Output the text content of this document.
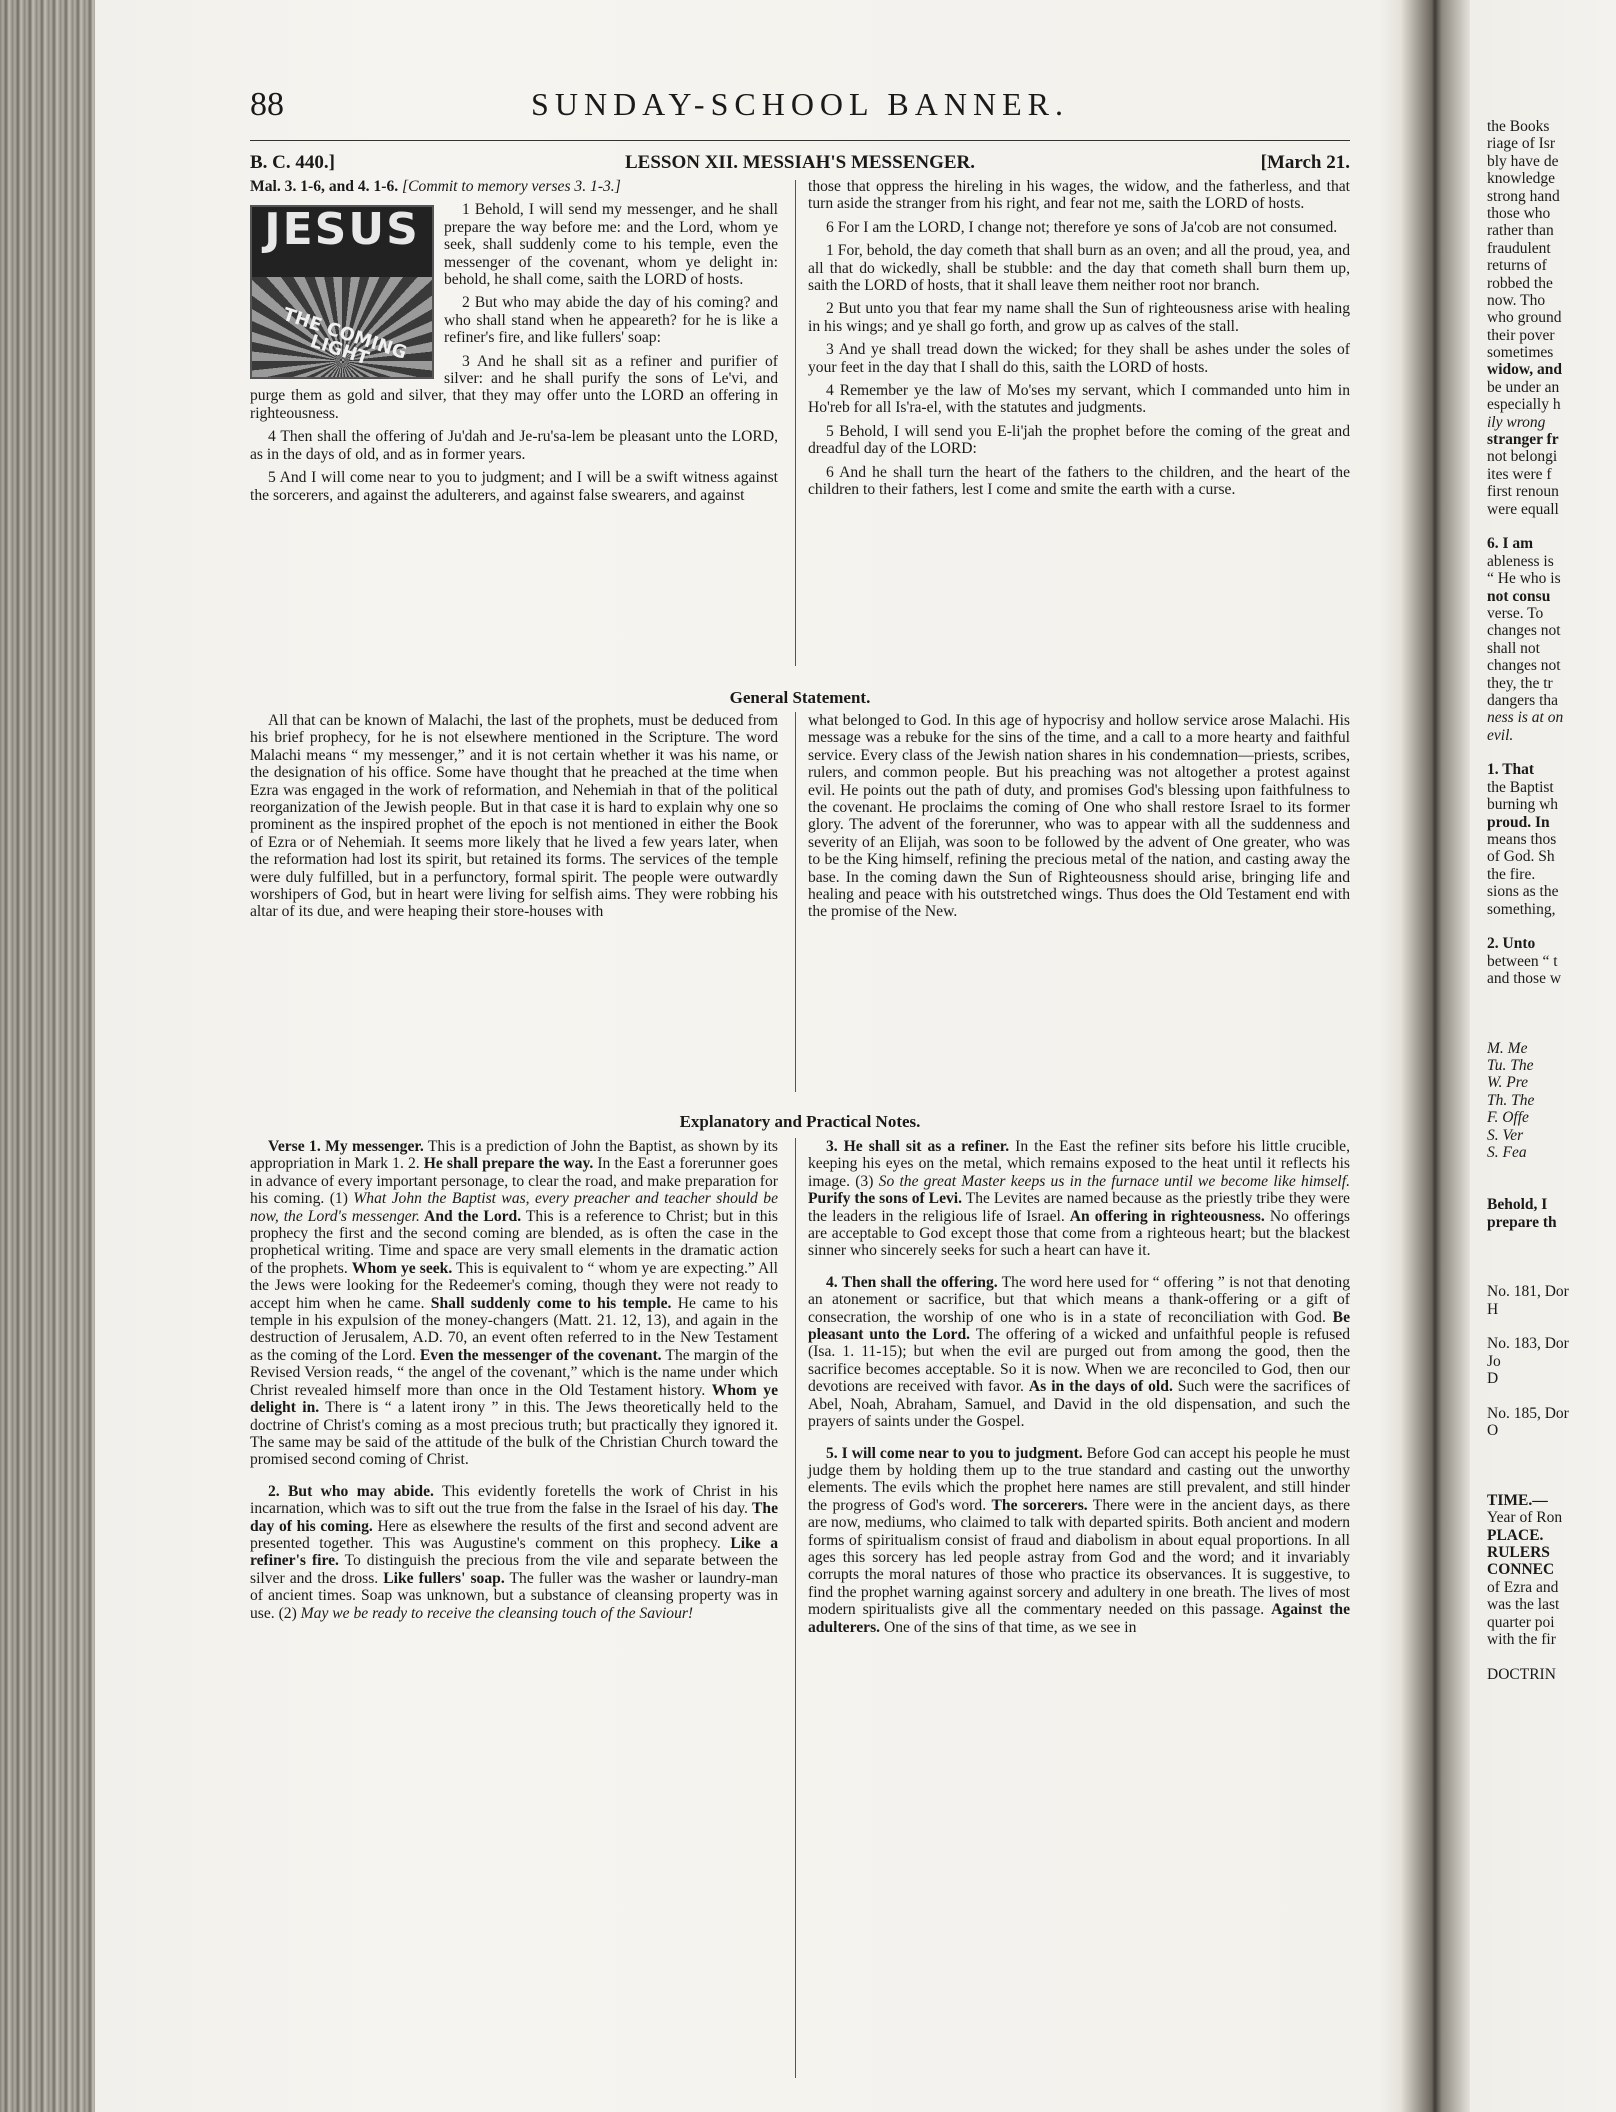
88	SUNDAY-SCHOOL BANNER.
B. C. 440.]	LESSON XII. MESSIAH'S MESSENGER.	[March 21.

Mal. 3. 1-6, and 4. 1-6. [Commit to memory verses 3. 1-3.]

JESUS
THE COMING LIGHT

1 Behold, I will send my messenger, and he shall prepare the way before me: and the Lord, whom ye seek, shall suddenly come to his temple, even the messenger of the covenant, whom ye delight in: behold, he shall come, saith the LORD of hosts.

2 But who may abide the day of his coming? and who shall stand when he appeareth? for he is like a refiner's fire, and like fullers' soap:

3 And he shall sit as a refiner and purifier of silver: and he shall purify the sons of Le'vi, and purge them as gold and silver, that they may offer unto the LORD an offering in righteousness.

4 Then shall the offering of Ju'dah and Je-ru'sa-lem be pleasant unto the LORD, as in the days of old, and as in former years.

5 And I will come near to you to judgment; and I will be a swift witness against the sorcerers, and against the adulterers, and against false swearers, and against

those that oppress the hireling in his wages, the widow, and the fatherless, and that turn aside the stranger from his right, and fear not me, saith the LORD of hosts.

6 For I am the LORD, I change not; therefore ye sons of Ja'cob are not consumed.

1 For, behold, the day cometh that shall burn as an oven; and all the proud, yea, and all that do wickedly, shall be stubble: and the day that cometh shall burn them up, saith the LORD of hosts, that it shall leave them neither root nor branch.

2 But unto you that fear my name shall the Sun of righteousness arise with healing in his wings; and ye shall go forth, and grow up as calves of the stall.

3 And ye shall tread down the wicked; for they shall be ashes under the soles of your feet in the day that I shall do this, saith the LORD of hosts.

4 Remember ye the law of Mo'ses my servant, which I commanded unto him in Ho'reb for all Is'ra-el, with the statutes and judgments.

5 Behold, I will send you E-li'jah the prophet before the coming of the great and dreadful day of the LORD:

6 And he shall turn the heart of the fathers to the children, and the heart of the children to their fathers, lest I come and smite the earth with a curse.

General Statement.

All that can be known of Malachi, the last of the prophets, must be deduced from his brief prophecy, for he is not elsewhere mentioned in the Scripture. The word Malachi means “ my messenger,” and it is not certain whether it was his name, or the designation of his office. Some have thought that he preached at the time when Ezra was engaged in the work of reformation, and Nehemiah in that of the political reorganization of the Jewish people. But in that case it is hard to explain why one so prominent as the inspired prophet of the epoch is not mentioned in either the Book of Ezra or of Nehemiah. It seems more likely that he lived a few years later, when the reformation had lost its spirit, but retained its forms. The services of the temple were duly fulfilled, but in a perfunctory, formal spirit. The people were outwardly worshipers of God, but in heart were living for selfish aims. They were robbing his altar of its due, and were heaping their store-houses with

what belonged to God. In this age of hypocrisy and hollow service arose Malachi. His message was a rebuke for the sins of the time, and a call to a more hearty and faithful service. Every class of the Jewish nation shares in his condemnation—priests, scribes, rulers, and common people. But his preaching was not altogether a protest against evil. He points out the path of duty, and promises God's blessing upon faithfulness to the covenant. He proclaims the coming of One who shall restore Israel to its former glory. The advent of the forerunner, who was to appear with all the suddenness and severity of an Elijah, was soon to be followed by the advent of One greater, who was to be the King himself, refining the precious metal of the nation, and casting away the base. In the coming dawn the Sun of Righteousness should arise, bringing life and healing and peace with his outstretched wings. Thus does the Old Testament end with the promise of the New.

Explanatory and Practical Notes.

Verse 1. My messenger. This is a prediction of John the Baptist, as shown by its appropriation in Mark 1. 2. He shall prepare the way. In the East a forerunner goes in advance of every important personage, to clear the road, and make preparation for his coming. (1) What John the Baptist was, every preacher and teacher should be now, the Lord's messenger. And the Lord. This is a reference to Christ; but in this prophecy the first and the second coming are blended, as is often the case in the prophetical writing. Time and space are very small elements in the dramatic action of the prophets. Whom ye seek. This is equivalent to “ whom ye are expecting.” All the Jews were looking for the Redeemer's coming, though they were not ready to accept him when he came. Shall suddenly come to his temple. He came to his temple in his expulsion of the money-changers (Matt. 21. 12, 13), and again in the destruction of Jerusalem, A.D. 70, an event often referred to in the New Testament as the coming of the Lord. Even the messenger of the covenant. The margin of the Revised Version reads, “ the angel of the covenant,” which is the name under which Christ revealed himself more than once in the Old Testament history. Whom ye delight in. There is “ a latent irony ” in this. The Jews theoretically held to the doctrine of Christ's coming as a most precious truth; but practically they ignored it. The same may be said of the attitude of the bulk of the Christian Church toward the promised second coming of Christ.

2. But who may abide. This evidently foretells the work of Christ in his incarnation, which was to sift out the true from the false in the Israel of his day. The day of his coming. Here as elsewhere the results of the first and second advent are presented together. This was Augustine's comment on this prophecy. Like a refiner's fire. To distinguish the precious from the vile and separate between the silver and the dross. Like fullers' soap. The fuller was the washer or laundry-man of ancient times. Soap was unknown, but a substance of cleansing property was in use. (2) May we be ready to receive the cleansing touch of the Saviour!

3. He shall sit as a refiner. In the East the refiner sits before his little crucible, keeping his eyes on the metal, which remains exposed to the heat until it reflects his image. (3) So the great Master keeps us in the furnace until we become like himself. Purify the sons of Levi. The Levites are named because as the priestly tribe they were the leaders in the religious life of Israel. An offering in righteousness. No offerings are acceptable to God except those that come from a righteous heart; but the blackest sinner who sincerely seeks for such a heart can have it.

4. Then shall the offering. The word here used for “ offering ” is not that denoting an atonement or sacrifice, but that which means a thank-offering or a gift of consecration, the worship of one who is in a state of reconciliation with God. Be pleasant unto the Lord. The offering of a wicked and unfaithful people is refused (Isa. 1. 11-15); but when the evil are purged out from among the good, then the sacrifice becomes acceptable. So it is now. When we are reconciled to God, then our devotions are received with favor. As in the days of old. Such were the sacrifices of Abel, Noah, Abraham, Samuel, and David in the old dispensation, and such the prayers of saints under the Gospel.

5. I will come near to you to judgment. Before God can accept his people he must judge them by holding them up to the true standard and casting out the unworthy elements. The evils which the prophet here names are still prevalent, and still hinder the progress of God's word. The sorcerers. There were in the ancient days, as there are now, mediums, who claimed to talk with departed spirits. Both ancient and modern forms of spiritualism consist of fraud and diabolism in about equal proportions. In all ages this sorcery has led people astray from God and the word; and it invariably corrupts the moral natures of those who practice its observances. It is suggestive, to find the prophet warning against sorcery and adultery in one breath. The lives of most modern spiritualists give all the commentary needed on this passage. Against the adulterers. One of the sins of that time, as we see in

the Books
riage of Isr
bly have de
knowledge
strong hand
those who
rather than
fraudulent
returns of
robbed the
now. Tho
who ground
their pover
sometimes
widow, and
be under an
especially h
ily wrong
stranger fr
not belongi
ites were f
first renoun
were equall
6. I am
ableness is
“ He who is
not consu
verse. To
changes not
shall not
changes not
they, the tr
dangers tha
ness is at on
evil.
1. That
the Baptist
burning wh
proud. In
means thos
of God. Sh
the fire.
sions as the
something,
2. Unto
between “ t
and those w
M. Me
Tu. The
W. Pre
Th. The
F. Offe
S. Ver
S. Fea
Behold, I
prepare th
No. 181, Dor
H
No. 183, Dor
Jo
D
No. 185, Dor
O
TIME.—
Year of Ron
PLACE.
RULERS
CONNEC
of Ezra and
was the last
quarter poi
with the fir
DOCTRIN
